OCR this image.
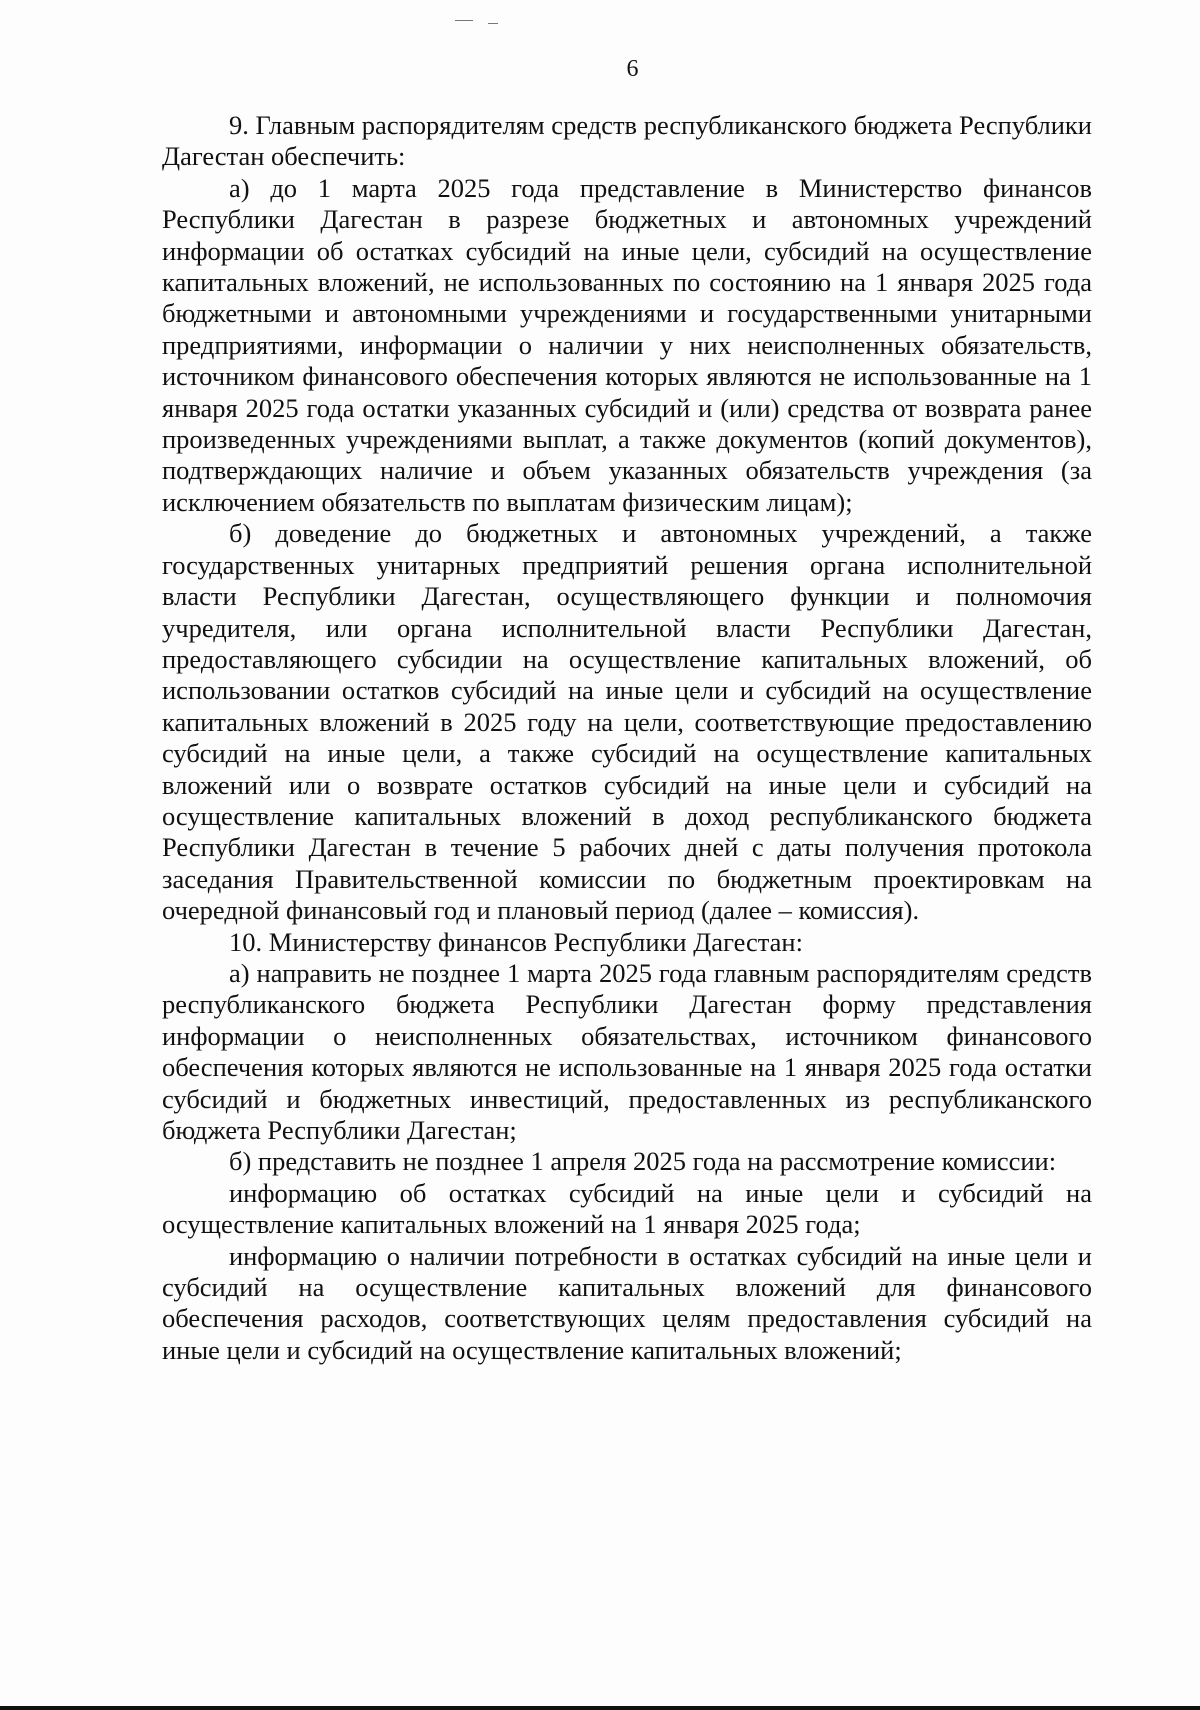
6

9. Главным распорядителям средств республиканского бюджета Республики Дагестан обеспечить:

а) до 1 марта 2025 года представление в Министерство финансов Республики Дагестан в разрезе бюджетных и автономных учреждений информации об остатках субсидий на иные цели, субсидий на осуществление капитальных вложений, не использованных по состоянию на 1 января 2025 года бюджетными и автономными учреждениями и государственными унитарными предприятиями, информации о наличии у них неисполненных обязательств, источником финансового обеспечения которых являются не использованные на 1 января 2025 года остатки указанных субсидий и (или) средства от возврата ранее произведенных учреждениями выплат, а также документов (копий документов), подтверждающих наличие и объем указанных обязательств учреждения (за исключением обязательств по выплатам физическим лицам);

б) доведение до бюджетных и автономных учреждений, а также государственных унитарных предприятий решения органа исполнительной власти Республики Дагестан, осуществляющего функции и полномочия учредителя, или органа исполнительной власти Республики Дагестан, предоставляющего субсидии на осуществление капитальных вложений, об использовании остатков субсидий на иные цели и субсидий на осуществление капитальных вложений в 2025 году на цели, соответствующие предоставлению субсидий на иные цели, а также субсидий на осуществление капитальных вложений или о возврате остатков субсидий на иные цели и субсидий на осуществление капитальных вложений в доход республиканского бюджета Республики Дагестан в течение 5 рабочих дней с даты получения протокола заседания Правительственной комиссии по бюджетным проектировкам на очередной финансовый год и плановый период (далее – комиссия).

10. Министерству финансов Республики Дагестан:

а) направить не позднее 1 марта 2025 года главным распорядителям средств республиканского бюджета Республики Дагестан форму представления информации о неисполненных обязательствах, источником финансового обеспечения которых являются не использованные на 1 января 2025 года остатки субсидий и бюджетных инвестиций, предоставленных из республиканского бюджета Республики Дагестан;

б) представить не позднее 1 апреля 2025 года на рассмотрение комиссии:

информацию об остатках субсидий на иные цели и субсидий на осуществление капитальных вложений на 1 января 2025 года;

информацию о наличии потребности в остатках субсидий на иные цели и субсидий на осуществление капитальных вложений для финансового обеспечения расходов, соответствующих целям предоставления субсидий на иные цели и субсидий на осуществление капитальных вложений;
